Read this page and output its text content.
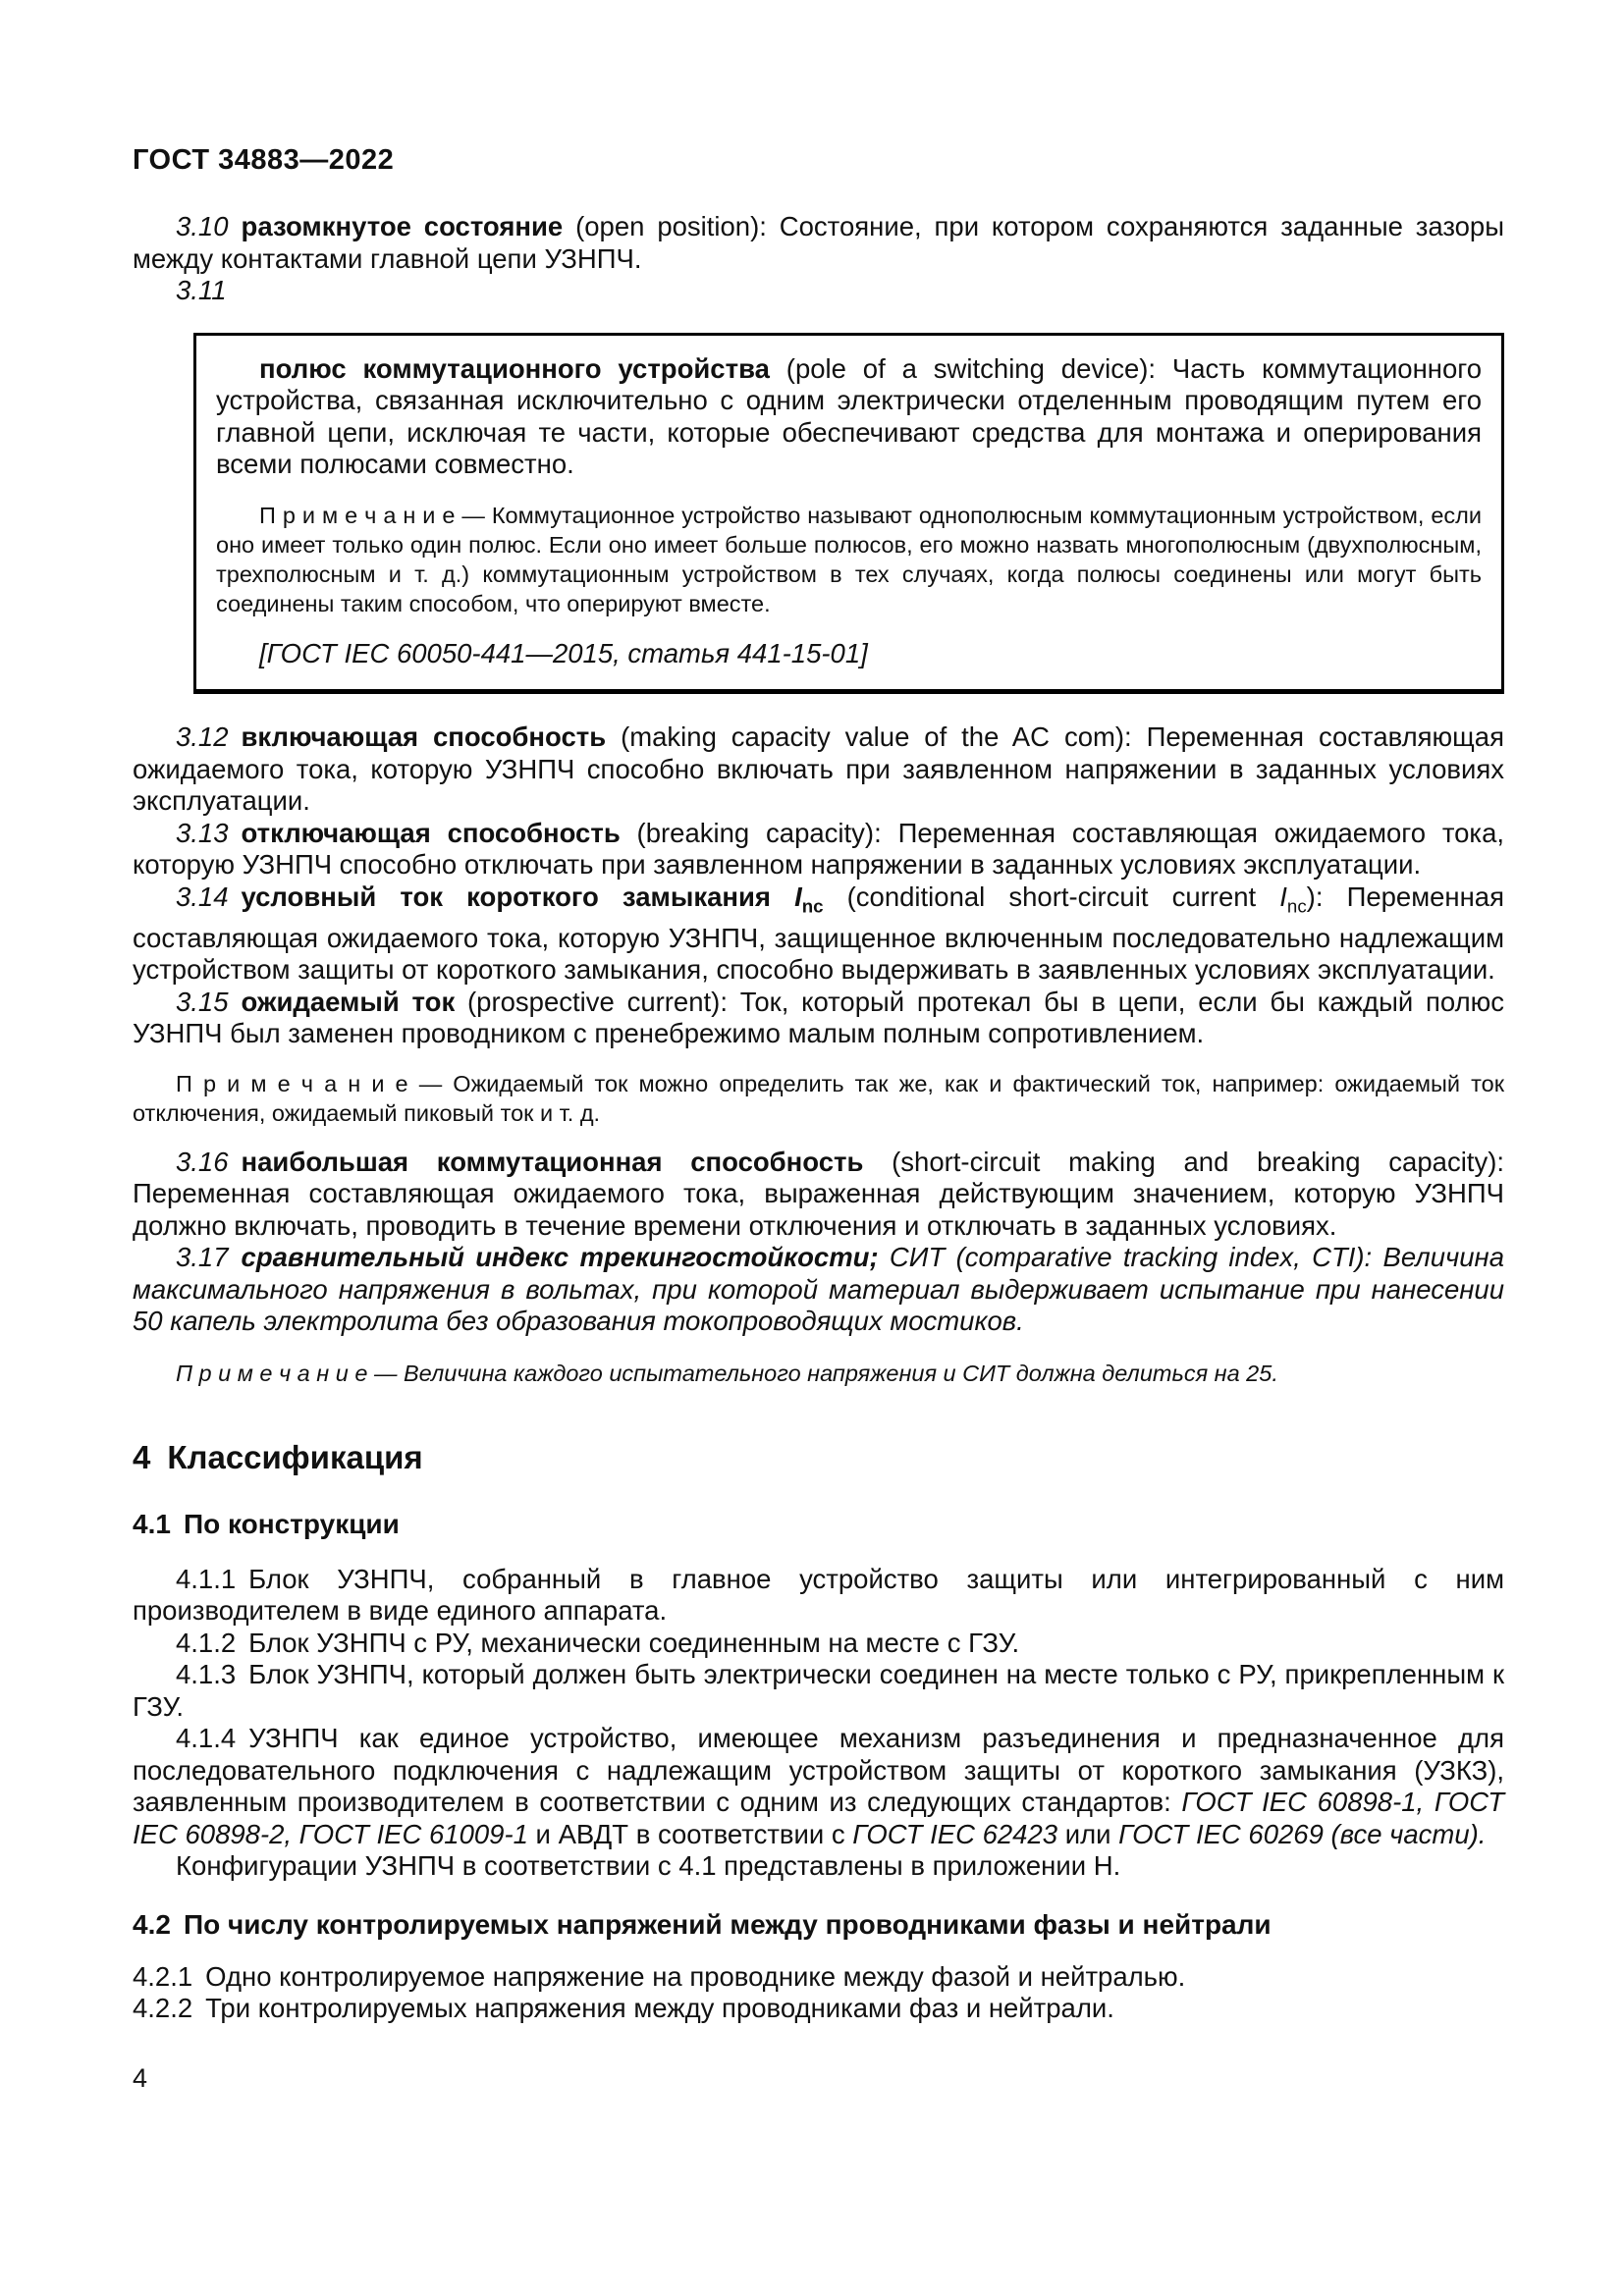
ГОСТ 34883—2022

3.10 разомкнутое состояние (open position): Состояние, при котором сохраняются заданные зазоры между контактами главной цепи УЗНПЧ.

3.11

полюс коммутационного устройства (pole of a switching device): Часть коммутационного устройства, связанная исключительно с одним электрически отделенным проводящим путем его главной цепи, исключая те части, которые обеспечивают средства для монтажа и оперирования всеми полюсами совместно.

П р и м е ч а н и е — Коммутационное устройство называют однополюсным коммутационным устройством, если оно имеет только один полюс. Если оно имеет больше полюсов, его можно назвать многополюсным (двухполюсным, трехполюсным и т. д.) коммутационным устройством в тех случаях, когда полюсы соединены или могут быть соединены таким способом, что оперируют вместе.

[ГОСТ IEC 60050-441—2015, статья 441-15-01]

3.12 включающая способность (making capacity value of the AC com): Переменная составляющая ожидаемого тока, которую УЗНПЧ способно включать при заявленном напряжении в заданных условиях эксплуатации.

3.13 отключающая способность (breaking capacity): Переменная составляющая ожидаемого тока, которую УЗНПЧ способно отключать при заявленном напряжении в заданных условиях эксплуатации.

3.14 условный ток короткого замыкания $I_{nc}$ (conditional short-circuit current $I_{nc}$): Переменная составляющая ожидаемого тока, которую УЗНПЧ, защищенное включенным последовательно надлежащим устройством защиты от короткого замыкания, способно выдерживать в заявленных условиях эксплуатации.

3.15 ожидаемый ток (prospective current): Ток, который протекал бы в цепи, если бы каждый полюс УЗНПЧ был заменен проводником с пренебрежимо малым полным сопротивлением.

П р и м е ч а н и е — Ожидаемый ток можно определить так же, как и фактический ток, например: ожидаемый ток отключения, ожидаемый пиковый ток и т. д.

3.16 наибольшая коммутационная способность (short-circuit making and breaking capacity): Переменная составляющая ожидаемого тока, выраженная действующим значением, которую УЗНПЧ должно включать, проводить в течение времени отключения и отключать в заданных условиях.

3.17 сравнительный индекс трекингостойкости; СИТ (comparative tracking index, CTI): Величина максимального напряжения в вольтах, при которой материал выдерживает испытание при нанесении 50 капель электролита без образования токопроводящих мостиков.

П р и м е ч а н и е — Величина каждого испытательного напряжения и СИТ должна делиться на 25.

4 Классификация
4.1 По конструкции

4.1.1 Блок УЗНПЧ, собранный в главное устройство защиты или интегрированный с ним производителем в виде единого аппарата.

4.1.2 Блок УЗНПЧ с РУ, механически соединенным на месте с ГЗУ.

4.1.3 Блок УЗНПЧ, который должен быть электрически соединен на месте только с РУ, прикрепленным к ГЗУ.

4.1.4 УЗНПЧ как единое устройство, имеющее механизм разъединения и предназначенное для последовательного подключения с надлежащим устройством защиты от короткого замыкания (УЗКЗ), заявленным производителем в соответствии с одним из следующих стандартов: ГОСТ IEC 60898-1, ГОСТ IEC 60898-2, ГОСТ IEC 61009-1 и АВДТ в соответствии с ГОСТ IEC 62423 или ГОСТ IEC 60269 (все части).

Конфигурации УЗНПЧ в соответствии с 4.1 представлены в приложении Н.

4.2 По числу контролируемых напряжений между проводниками фазы и нейтрали

4.2.1 Одно контролируемое напряжение на проводнике между фазой и нейтралью.

4.2.2 Три контролируемых напряжения между проводниками фаз и нейтрали.

4
